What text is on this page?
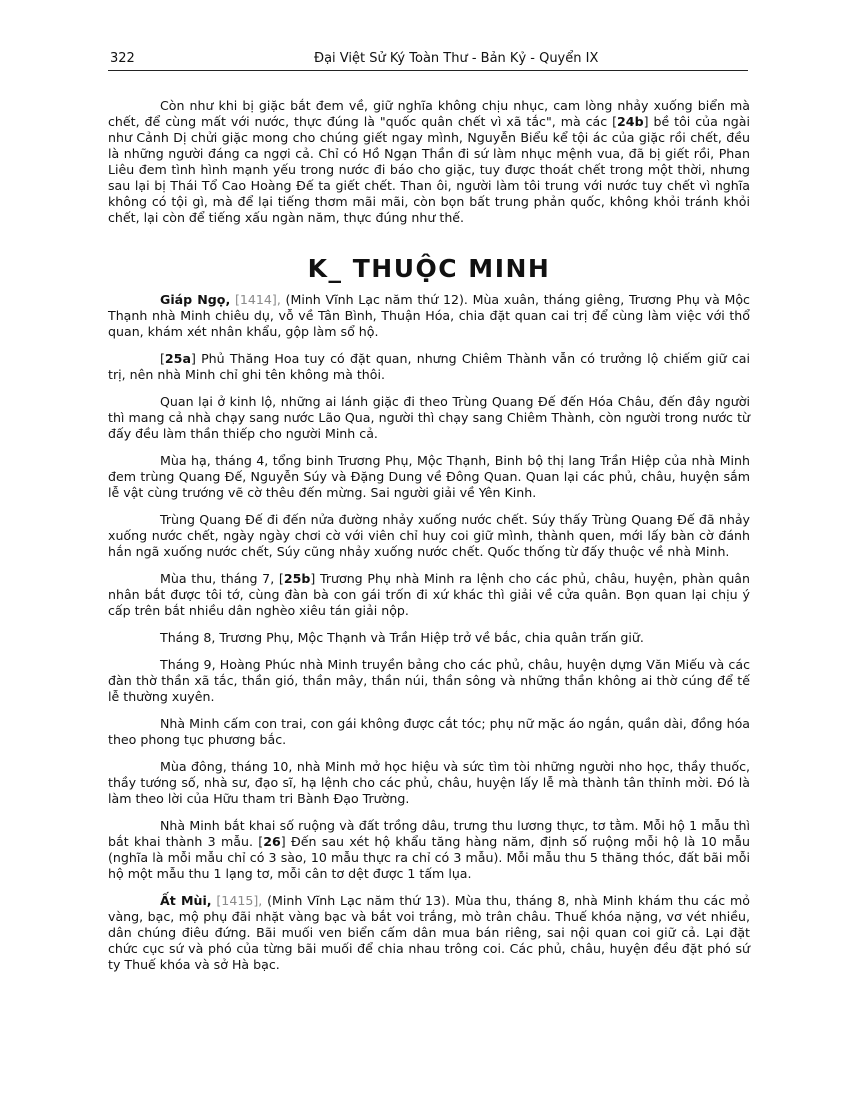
322	Đại Việt Sử Ký Toàn Thư - Bản Kỷ - Quyển IX

Còn như khi bị giặc bắt đem về, giữ nghĩa không chịu nhục, cam lòng nhảy xuống biển mà chết, để cùng mất với nước, thực đúng là "quốc quân chết vì xã tắc", mà các [24b] bề tôi của ngài như Cảnh Dị chửi giặc mong cho chúng giết ngay mình, Nguyễn Biểu kể tội ác của giặc rồi chết, đều là những người đáng ca ngợi cả. Chỉ có Hồ Ngạn Thần đi sứ làm nhục mệnh vua, đã bị giết rồi, Phan Liêu đem tình hình mạnh yếu trong nước đi báo cho giặc, tuy được thoát chết trong một thời, nhưng sau lại bị Thái Tổ Cao Hoàng Đế ta giết chết. Than ôi, người làm tôi trung với nước tuy chết vì nghĩa không có tội gì, mà để lại tiếng thơm mãi mãi, còn bọn bất trung phản quốc, không khỏi tránh khỏi chết, lại còn để tiếng xấu ngàn năm, thực đúng như thế.

K_ THUỘC MINH

Giáp Ngọ, [1414], (Minh Vĩnh Lạc năm thứ 12). Mùa xuân, tháng giêng, Trương Phụ và Mộc Thạnh nhà Minh chiêu dụ, vỗ về Tân Bình, Thuận Hóa, chia đặt quan cai trị để cùng làm việc với thổ quan, khám xét nhân khẩu, gộp làm sổ hộ.

[25a] Phủ Thăng Hoa tuy có đặt quan, nhưng Chiêm Thành vẫn có trưởng lộ chiếm giữ cai trị, nên nhà Minh chỉ ghi tên không mà thôi.

Quan lại ở kinh lộ, những ai lánh giặc đi theo Trùng Quang Đế đến Hóa Châu, đến đây người thì mang cả nhà chạy sang nước Lão Qua, người thì chạy sang Chiêm Thành, còn người trong nước từ đấy đều làm thần thiếp cho người Minh cả.

Mùa hạ, tháng 4, tổng binh Trương Phụ, Mộc Thạnh, Binh bộ thị lang Trần Hiệp của nhà Minh đem trùng Quang Đế, Nguyễn Súy và Đặng Dung về Đông Quan. Quan lại các phủ, châu, huyện sắm lễ vật cùng trướng vẽ cờ thêu đến mừng. Sai người giải về Yên Kinh.

Trùng Quang Đế đi đến nửa đường nhảy xuống nước chết. Súy thấy Trùng Quang Đế đã nhảy xuống nước chết, ngày ngày chơi cờ với viên chỉ huy coi giữ mình, thành quen, mới lấy bàn cờ đánh hắn ngã xuống nước chết, Súy cũng nhảy xuống nước chết. Quốc thống từ đấy thuộc về nhà Minh.

Mùa thu, tháng 7, [25b] Trương Phụ nhà Minh ra lệnh cho các phủ, châu, huyện, phàn quân nhân bắt được tôi tớ, cùng đàn bà con gái trốn đi xứ khác thì giải về cửa quân. Bọn quan lại chịu ý cấp trên bắt nhiều dân nghèo xiêu tán giải nộp.

Tháng 8, Trương Phụ, Mộc Thạnh và Trần Hiệp trở về bắc, chia quân trấn giữ.

Tháng 9, Hoàng Phúc nhà Minh truyền bảng cho các phủ, châu, huyện dựng Văn Miếu và các đàn thờ thần xã tắc, thần gió, thần mây, thần núi, thần sông và những thần không ai thờ cúng để tế lễ thường xuyên.

Nhà Minh cấm con trai, con gái không được cắt tóc; phụ nữ mặc áo ngắn, quần dài, đồng hóa theo phong tục phương bắc.

Mùa đông, tháng 10, nhà Minh mở học hiệu và sức tìm tòi những người nho học, thầy thuốc, thầy tướng số, nhà sư, đạo sĩ, hạ lệnh cho các phủ, châu, huyện lấy lễ mà thành tân thỉnh mời. Đó là làm theo lời của Hữu tham tri Bành Đạo Trường.

Nhà Minh bắt khai số ruộng và đất trồng dâu, trưng thu lương thực, tơ tằm. Mỗi hộ 1 mẫu thì bắt khai thành 3 mẫu. [26] Đến sau xét hộ khẩu tăng hàng năm, định số ruộng mỗi hộ là 10 mẫu (nghĩa là mỗi mẫu chỉ có 3 sào, 10 mẫu thực ra chỉ có 3 mẫu). Mỗi mẫu thu 5 thăng thóc, đất bãi mỗi hộ một mẫu thu 1 lạng tơ, mỗi cân tơ dệt được 1 tấm lụa.

Ất Mùi, [1415], (Minh Vĩnh Lạc năm thứ 13). Mùa thu, tháng 8, nhà Minh khám thu các mỏ vàng, bạc, mộ phụ đãi nhặt vàng bạc và bắt voi trắng, mò trân châu. Thuế khóa nặng, vơ vét nhiều, dân chúng điêu đứng. Bãi muối ven biển cấm dân mua bán riêng, sai nội quan coi giữ cả. Lại đặt chức cục sứ và phó của từng bãi muối để chia nhau trông coi. Các phủ, châu, huyện đều đặt phó sứ ty Thuế khóa và sở Hà bạc.
